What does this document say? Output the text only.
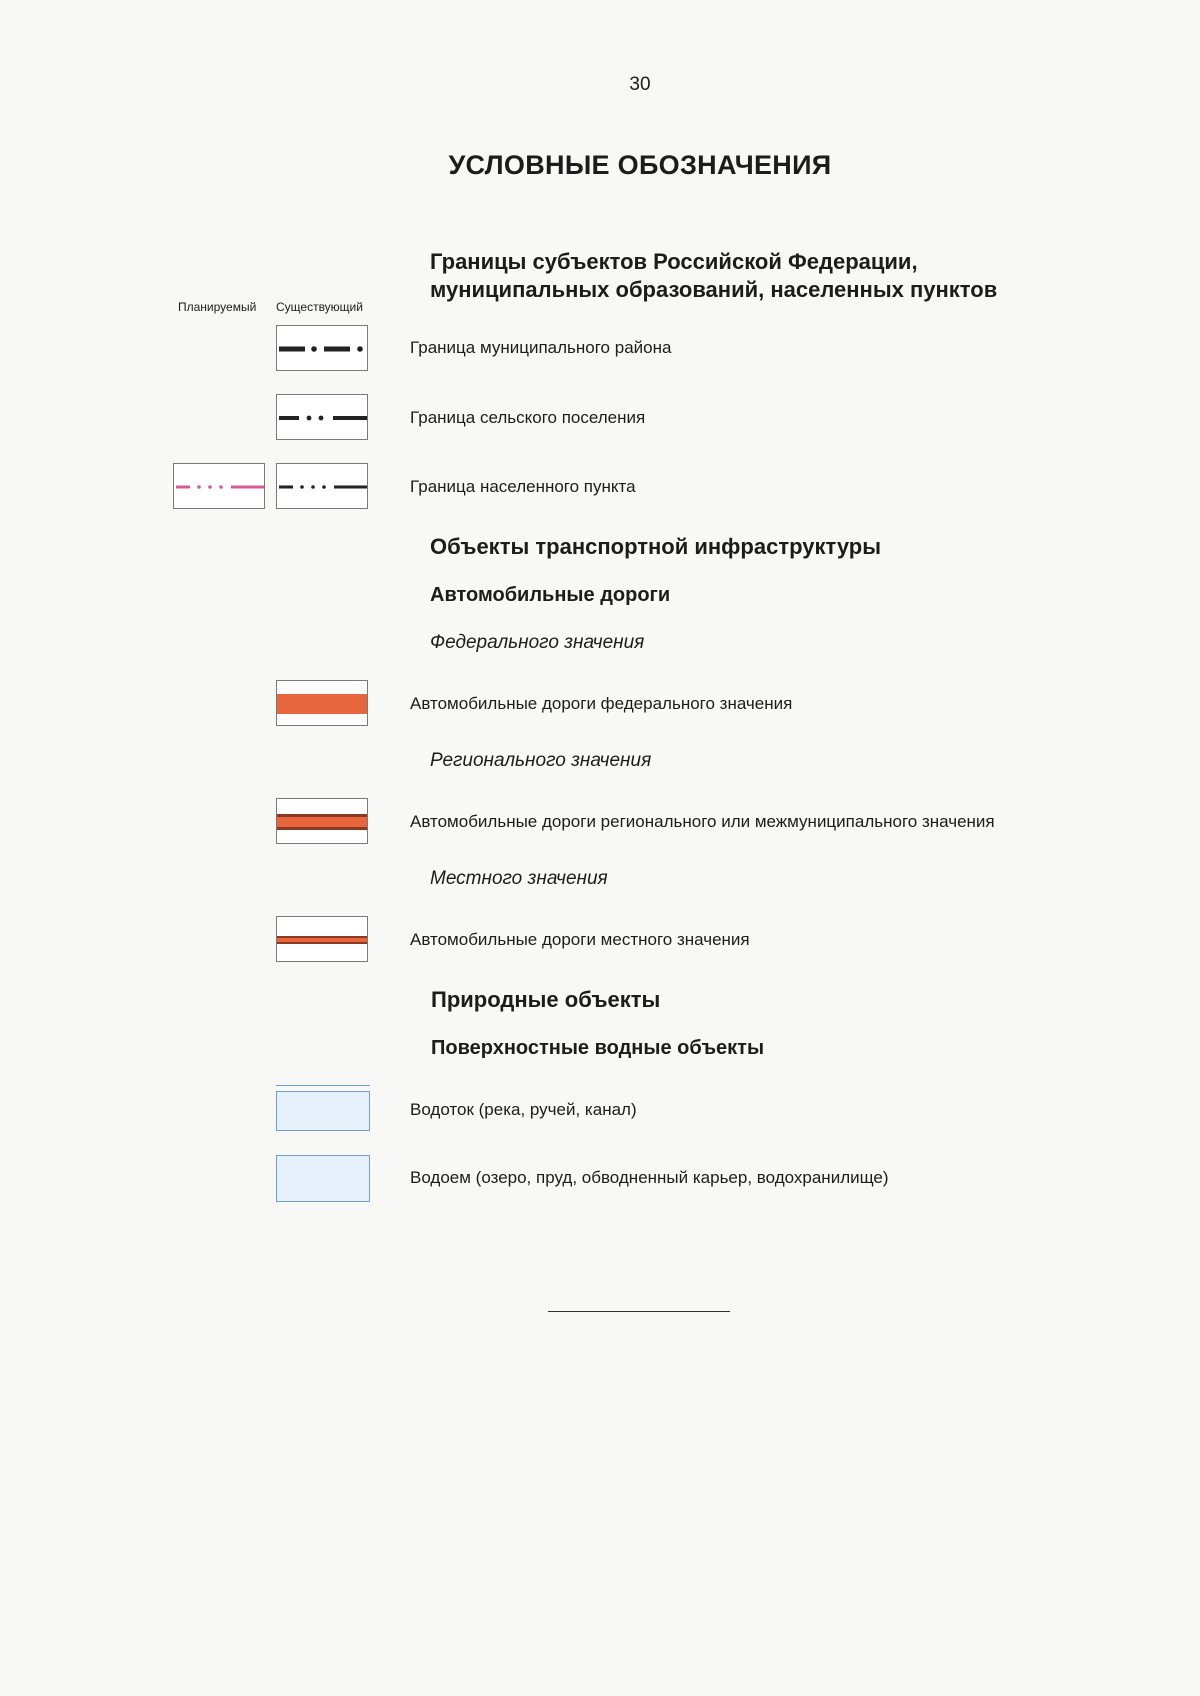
30
УСЛОВНЫЕ ОБОЗНАЧЕНИЯ
Границы субъектов Российской Федерации,
муниципальных образований, населенных пунктов
Планируемый Существующий
Граница муниципального района
Граница сельского поселения
Граница населенного пункта
Объекты транспортной инфраструктуры
Автомобильные дороги
Федерального значения
Автомобильные дороги федерального значения
Регионального значения
Автомобильные дороги регионального или межмуниципального значения
Местного значения
Автомобильные дороги местного значения
Природные объекты
Поверхностные водные объекты
Водоток (река, ручей, канал)
Водоем (озеро, пруд, обводненный карьер, водохранилище)
